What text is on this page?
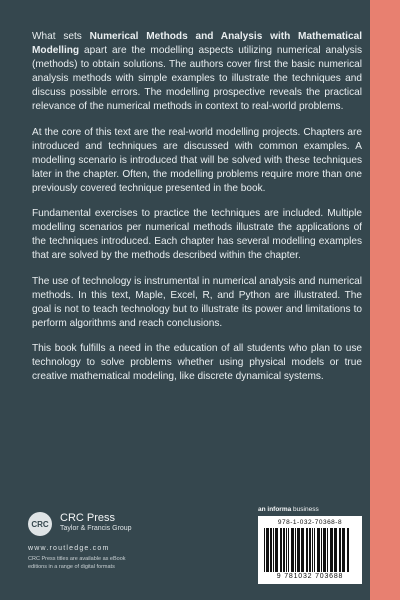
What sets Numerical Methods and Analysis with Mathematical Modelling apart are the modelling aspects utilizing numerical analysis (methods) to obtain solutions. The authors cover first the basic numerical analysis methods with simple examples to illustrate the techniques and discuss possible errors. The modelling prospective reveals the practical relevance of the numerical methods in context to real-world problems.

At the core of this text are the real-world modelling projects. Chapters are introduced and techniques are discussed with common examples. A modelling scenario is introduced that will be solved with these techniques later in the chapter. Often, the modelling problems require more than one previously covered technique presented in the book.

Fundamental exercises to practice the techniques are included. Multiple modelling scenarios per numerical methods illustrate the applications of the techniques introduced. Each chapter has several modelling examples that are solved by the methods described within the chapter.

The use of technology is instrumental in numerical analysis and numerical methods. In this text, Maple, Excel, R, and Python are illustrated. The goal is not to teach technology but to illustrate its power and limitations to perform algorithms and reach conclusions.

This book fulfills a need in the education of all students who plan to use technology to solve problems whether using physical models or true creative mathematical modeling, like discrete dynamical systems.

CRC	CRC Press
Taylor & Francis Group
www.routledge.com
CRC Press titles are available as eBook editions in a range of digital formats
an informa business
978-1-032-70368-8
9 781032 703688
